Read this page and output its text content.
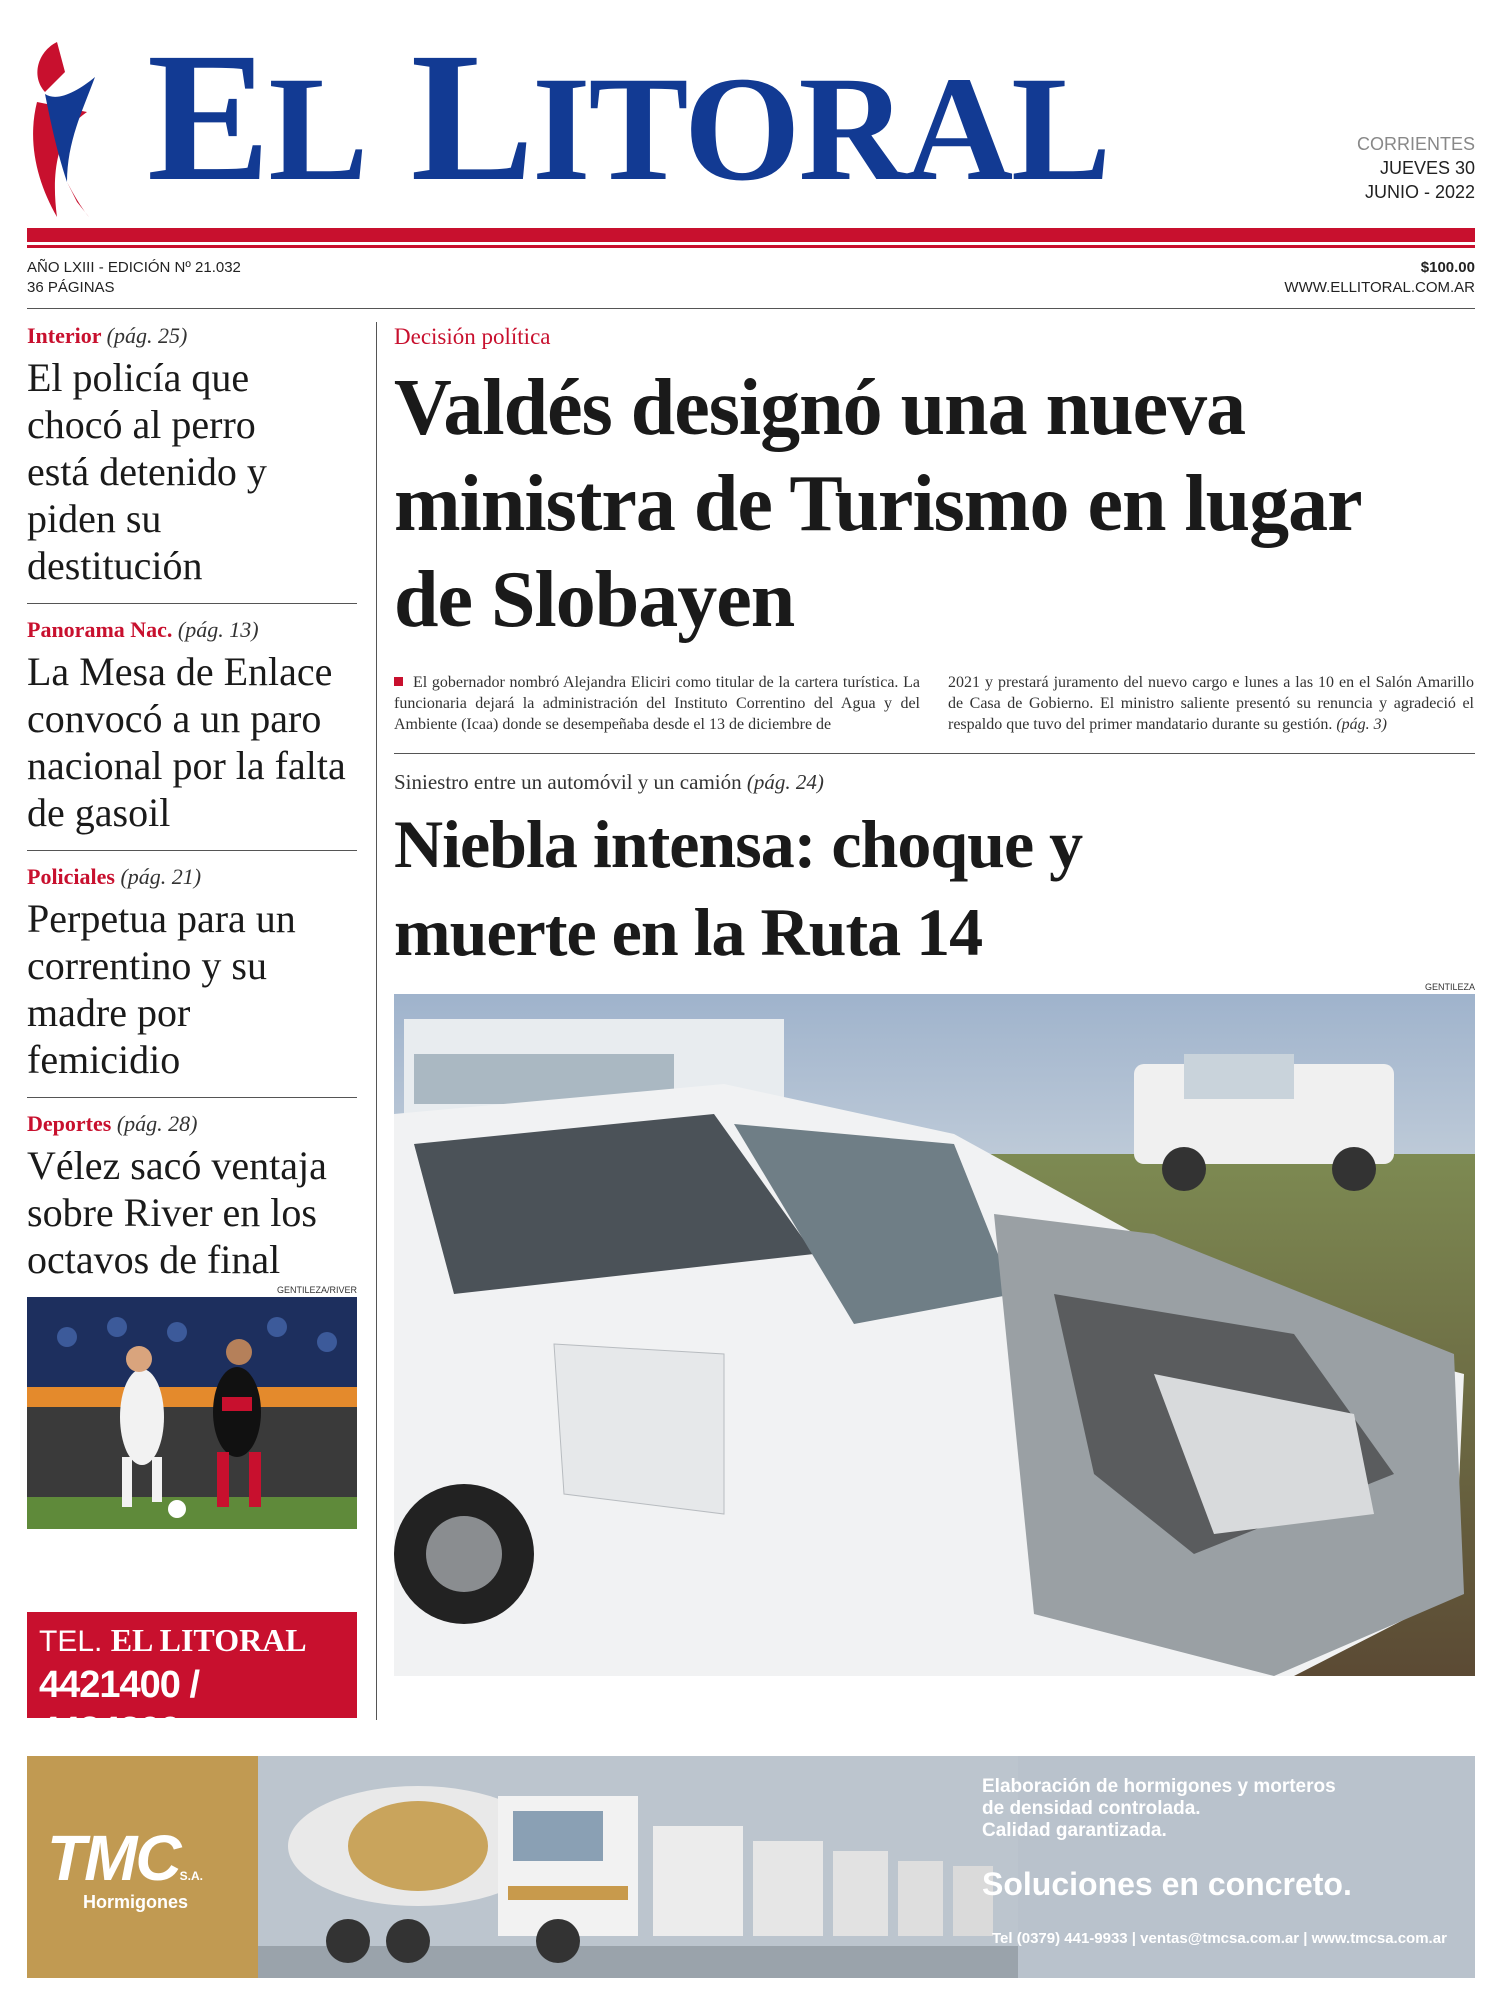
EL LITORAL	CORRIENTES
JUEVES 30
JUNIO - 2022
AÑO LXIII - EDICIÓN Nº 21.032
36 PÁGINAS
$100.00
WWW.ELLITORAL.COM.AR
Interior (pág. 25)
El policía que chocó al perro está detenido y piden su destitución
Panorama Nac. (pág. 13)
La Mesa de Enlace convocó a un paro nacional por la falta de gasoil
Policiales (pág. 21)
Perpetua para un correntino y su madre por femicidio
Deportes (pág. 28)
Vélez sacó ventaja sobre River en los octavos de final
GENTILEZA/RIVER
TEL. EL LITORAL
4421400 / 4424300
Decisión política
Valdés designó una nueva ministra de Turismo en lugar de Slobayen

El gobernador nombró Alejandra Eliciri como titular de la cartera turística. La funcionaria dejará la administración del Instituto Correntino del Agua y del Ambiente (Icaa) donde se desempeñaba desde el 13 de diciembre de

2021 y prestará juramento del nuevo cargo e lunes a las 10 en el Salón Amarillo de Casa de Gobierno. El ministro saliente presentó su renuncia y agradeció el respaldo que tuvo del primer mandatario durante su gestión. (pág. 3)

Siniestro entre un automóvil y un camión (pág. 24)
Niebla intensa: choque y muerte en la Ruta 14
GENTILEZA
TMCS.A.
Hormigones
Elaboración de hormigones y morteros
de densidad controlada.
Calidad garantizada.
Soluciones en concreto.
Tel (0379) 441-9933 | ventas@tmcsa.com.ar | www.tmcsa.com.ar
